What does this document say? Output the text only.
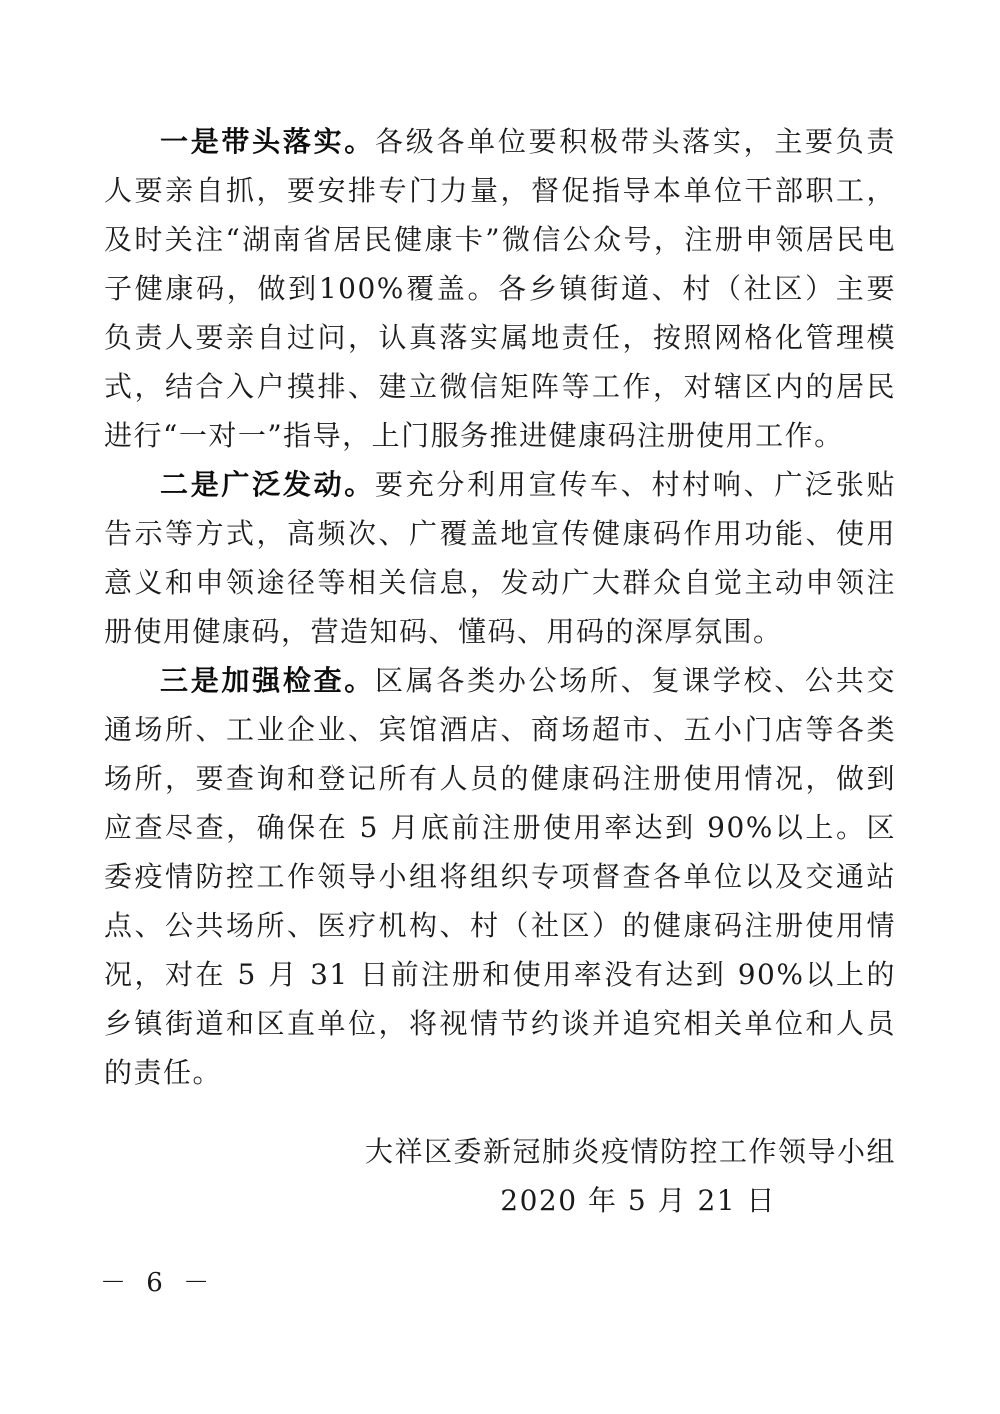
一是带头落实。各级各单位要积极带头落实，主要负责人要亲自抓，要安排专门力量，督促指导本单位干部职工，及时关注“湖南省居民健康卡”微信公众号，注册申领居民电子健康码，做到100%覆盖。各乡镇街道、村（社区）主要负责人要亲自过问，认真落实属地责任，按照网格化管理模式，结合入户摸排、建立微信矩阵等工作，对辖区内的居民进行“一对一”指导，上门服务推进健康码注册使用工作。

二是广泛发动。要充分利用宣传车、村村响、广泛张贴告示等方式，高频次、广覆盖地宣传健康码作用功能、使用意义和申领途径等相关信息，发动广大群众自觉主动申领注册使用健康码，营造知码、懂码、用码的深厚氛围。

三是加强检查。区属各类办公场所、复课学校、公共交通场所、工业企业、宾馆酒店、商场超市、五小门店等各类场所，要查询和登记所有人员的健康码注册使用情况，做到应查尽查，确保在 5 月底前注册使用率达到 90%以上。区委疫情防控工作领导小组将组织专项督查各单位以及交通站点、公共场所、医疗机构、村（社区）的健康码注册使用情况，对在 5 月 31 日前注册和使用率没有达到 90%以上的乡镇街道和区直单位，将视情节约谈并追究相关单位和人员的责任。

大祥区委新冠肺炎疫情防控工作领导小组
2020 年 5 月 21 日
－ 6 －
